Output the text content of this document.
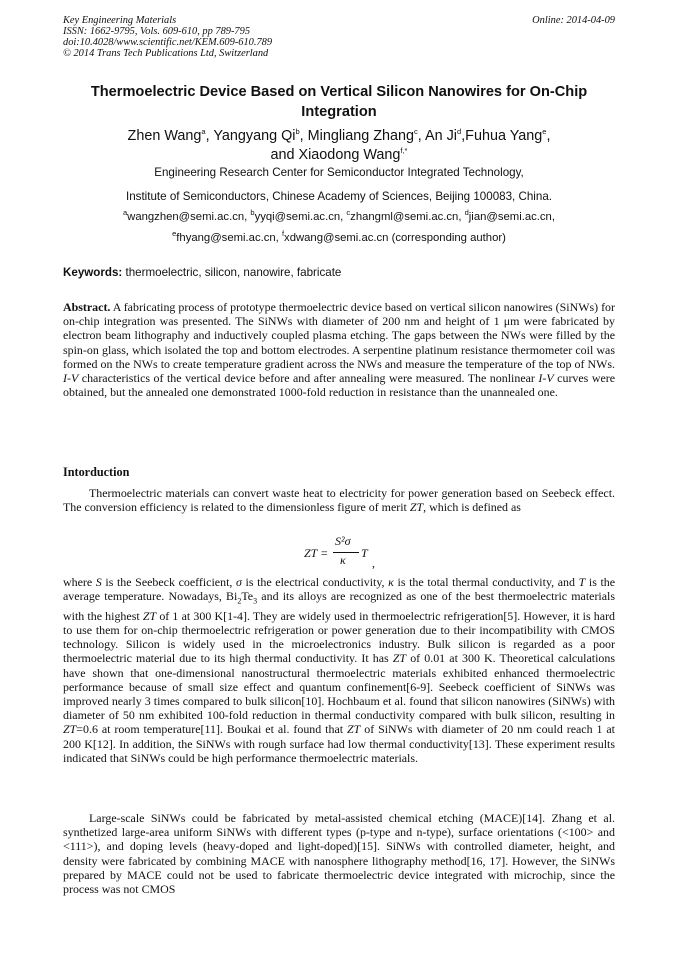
Key Engineering Materials
ISSN: 1662-9795, Vols. 609-610, pp 789-795
doi:10.4028/www.scientific.net/KEM.609-610.789
© 2014 Trans Tech Publications Ltd, Switzerland
Online: 2014-04-09
Thermoelectric Device Based on Vertical Silicon Nanowires for On-Chip Integration
Zhen Wang$^a$, Yangyang Qi$^b$, Mingliang Zhang$^c$, An Ji$^d$,Fuhua Yang$^e$,
and Xiaodong Wang$^{f,*}$
Engineering Research Center for Semiconductor Integrated Technology,
Institute of Semiconductors, Chinese Academy of Sciences, Beijing 100083, China.
$^a$wangzhen@semi.ac.cn, $^b$yyqi@semi.ac.cn, $^c$zhangml@semi.ac.cn, $^d$jian@semi.ac.cn,
$^e$fhyang@semi.ac.cn, $^f$xdwang@semi.ac.cn (corresponding author)
Keywords: thermoelectric, silicon, nanowire, fabricate
Abstract. A fabricating process of prototype thermoelectric device based on vertical silicon nanowires (SiNWs) for on-chip integration was presented. The SiNWs with diameter of 200 nm and height of 1 μm were fabricated by electron beam lithography and inductively coupled plasma etching. The gaps between the NWs were filled by the spin-on glass, which isolated the top and bottom electrodes. A serpentine platinum resistance thermometer coil was formed on the NWs to create temperature gradient across the NWs and measure the temperature of the top of NWs. I-V characteristics of the vertical device before and after annealing were measured. The nonlinear I-V curves were obtained, but the annealed one demonstrated 1000-fold reduction in resistance than the unannealed one.
Intorduction
Thermoelectric materials can convert waste heat to electricity for power generation based on Seebeck effect. The conversion efficiency is related to the dimensionless figure of merit ZT, which is defined as
ZT =
S²σ
κ T
,
where S is the Seebeck coefficient, σ is the electrical conductivity, κ is the total thermal conductivity, and T is the average temperature. Nowadays, $Bi_2Te_3$ and its alloys are recognized as one of the best thermoelectric materials with the highest ZT of 1 at 300 K[1-4]. They are widely used in thermoelectric refrigeration[5]. However, it is hard to use them for on-chip thermoelectric refrigeration or power generation due to their incompatibility with CMOS technology. Silicon is widely used in the microelectronics industry. Bulk silicon is regarded as a poor thermoelectric material due to its high thermal conductivity. It has ZT of 0.01 at 300 K. Theoretical calculations have shown that one-dimensional nanostructural thermoelectric materials exhibited enhanced thermoelectric performance because of small size effect and quantum confinement[6-9]. Seebeck coefficient of SiNWs was improved nearly 3 times compared to bulk silicon[10]. Hochbaum et al. found that silicon nanowires (SiNWs) with diameter of 50 nm exhibited 100-fold reduction in thermal conductivity compared with bulk silicon, resulting in ZT=0.6 at room temperature[11]. Boukai et al. found that ZT of SiNWs with diameter of 20 nm could reach 1 at 200 K[12]. In addition, the SiNWs with rough surface had low thermal conductivity[13]. These experiment results indicated that SiNWs could be high performance thermoelectric materials.
Large-scale SiNWs could be fabricated by metal-assisted chemical etching (MACE)[14]. Zhang et al. synthetized large-area uniform SiNWs with different types (p-type and n-type), surface orientations (<100> and <111>), and doping levels (heavy-doped and light-doped)[15]. SiNWs with controlled diameter, height, and density were fabricated by combining MACE with nanosphere lithography method[16, 17]. However, the SiNWs prepared by MACE could not be used to fabricate thermoelectric device integrated with microchip, since the process was not CMOS
